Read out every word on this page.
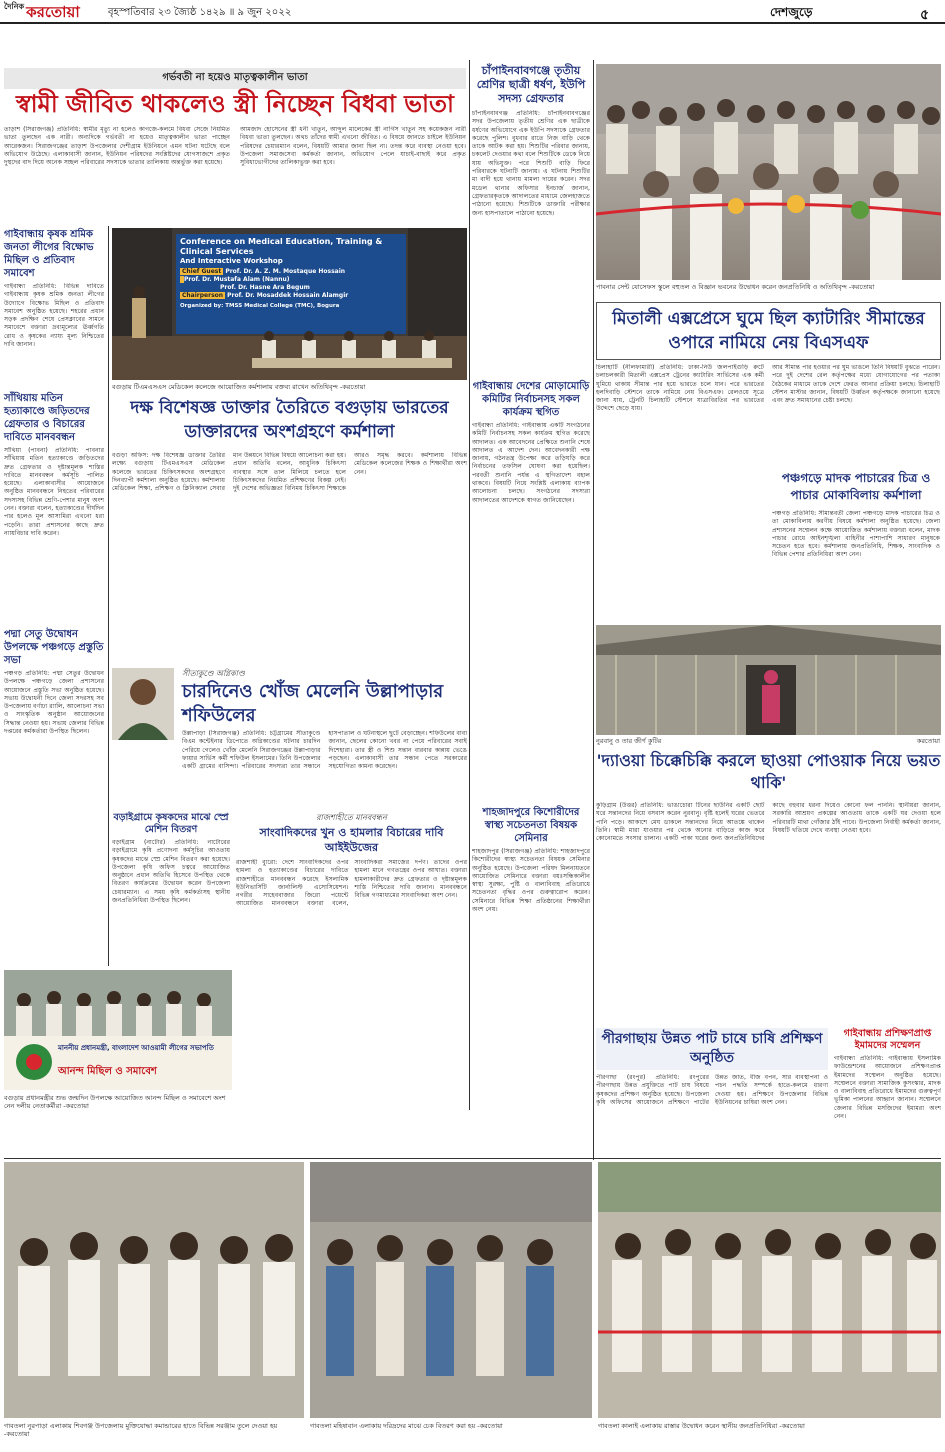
$^{দৈনিক}$ করতোয়া	বৃহস্পতিবার ২৩ জ্যৈষ্ঠ ১৪২৯ ॥ ৯ জুন ২০২২	দেশজুড়ে	৫
গর্ভবতী না হয়েও মাতৃত্বকালীন ভাতা
স্বামী জীবিত থাকলেও স্ত্রী নিচ্ছেন বিধবা ভাতা
তাড়াশ (সিরাজগঞ্জ) প্রতিনিধি: স্বামীর মৃত্যু না হলেও কাগজে-কলমে বিধবা সেজে নিয়মিত ভাতা তুলছেন এক নারী। অন্যদিকে গর্ভবতী না হয়েও মাতৃত্বকালীন ভাতা পাচ্ছেন আরেকজন। সিরাজগঞ্জের তাড়াশ উপজেলার দেশীগ্রাম ইউনিয়নে এমন ঘটনা ঘটেছে বলে অভিযোগ উঠেছে। এলাকাবাসী জানান, ইউনিয়ন পরিষদের সংশ্লিষ্টদের যোগসাজশে প্রকৃত দুস্থদের বাদ দিয়ে অনেক সচ্ছল পরিবারের সদস্যকে ভাতার তালিকায় অন্তর্ভুক্ত করা হয়েছে।
আমজাদ হোসেনের স্ত্রী ধনী খাতুন, আব্দুল মালেকের স্ত্রী নার্গিস খাতুন সহ কয়েকজন নারী বিধবা ভাতা তুলছেন। অথচ তাঁদের স্বামী এখনো জীবিত। এ বিষয়ে জানতে চাইলে ইউনিয়ন পরিষদের চেয়ারম্যান বলেন, বিষয়টি আমার জানা ছিল না। তদন্ত করে ব্যবস্থা নেওয়া হবে। উপজেলা সমাজসেবা কর্মকর্তা জানান, অভিযোগ পেলে যাচাই-বাছাই করে প্রকৃত সুবিধাভোগীদের তালিকাভুক্ত করা হবে।
চাঁপাইনবাবগঞ্জে তৃতীয় শ্রেণির ছাত্রী ধর্ষণ, ইউপি সদস্য গ্রেফতার
চাঁপাইনবাবগঞ্জ প্রতিনিধি: চাঁপাইনবাবগঞ্জের সদর উপজেলায় তৃতীয় শ্রেণির এক ছাত্রীকে ধর্ষণের অভিযোগে এক ইউপি সদস্যকে গ্রেফতার করেছে পুলিশ। বুধবার রাতে নিজ বাড়ি থেকে তাকে আটক করা হয়। শিশুটির পরিবার জানায়, চকলেট দেওয়ার কথা বলে শিশুটিকে ডেকে নিয়ে যায় অভিযুক্ত। পরে শিশুটি বাড়ি ফিরে পরিবারকে ঘটনাটি জানায়। এ ঘটনায় শিশুটির মা বাদী হয়ে থানায় মামলা দায়ের করেন। সদর মডেল থানার অফিসার ইনচার্জ জানান, গ্রেফতারকৃতকে আদালতের মাধ্যমে জেলহাজতে পাঠানো হয়েছে। শিশুটিকে ডাক্তারি পরীক্ষার জন্য হাসপাতালে পাঠানো হয়েছে।
পাবনার সেন্ট যোসেফস স্কুলে বহুতল ও বিজ্ঞান ভবনের উদ্বোধন করেন জনপ্রতিনিধি ও অতিথিবৃন্দ -করতোয়া
মিতালী এক্সপ্রেসে ঘুমে ছিল ক্যাটারিং সীমান্তের ওপারে নামিয়ে নেয় বিএসএফ
চিলাহাটি (নীলফামারী) প্রতিনিধি: ঢাকা-নিউ জলপাইগুড়ি রুটে চলাচলকারী মিতালী এক্সপ্রেস ট্রেনের ক্যাটারিং সার্ভিসের এক কর্মী ঘুমিয়ে থাকায় সীমান্ত পার হয়ে ভারতে চলে যান। পরে ভারতের হলদিবাড়ি স্টেশনে তাকে নামিয়ে নেয় বিএসএফ। রেলওয়ে সূত্রে জানা যায়, ট্রেনটি চিলাহাটি স্টেশনে যাত্রাবিরতির পর ভারতের উদ্দেশে ছেড়ে যায়।
আর সীমান্ত পার হওয়ার পর ঘুম ভাঙলে তিনি বিষয়টি বুঝতে পারেন। পরে দুই দেশের রেল কর্তৃপক্ষের মধ্যে যোগাযোগের পর পতাকা বৈঠকের মাধ্যমে তাকে দেশে ফেরত আনার প্রক্রিয়া চলছে। চিলাহাটি স্টেশন মাস্টার জানান, বিষয়টি উর্ধ্বতন কর্তৃপক্ষকে জানানো হয়েছে এবং দ্রুত সমাধানের চেষ্টা চলছে।
গাইবান্ধায় কৃষক শ্রমিক জনতা লীগের বিক্ষোভ মিছিল ও প্রতিবাদ সমাবেশ
গাইবান্ধা প্রতিনিধি: বিভিন্ন দাবিতে গাইবান্ধায় কৃষক শ্রমিক জনতা লীগের উদ্যোগে বিক্ষোভ মিছিল ও প্রতিবাদ সমাবেশ অনুষ্ঠিত হয়েছে। শহরের প্রধান সড়ক প্রদক্ষিণ শেষে প্রেসক্লাবের সামনে সমাবেশে বক্তারা দ্রব্যমূল্যের ঊর্ধ্বগতি রোধ ও কৃষকের ন্যায্য মূল্য নিশ্চিতের দাবি জানান।
Conference on Medical Education, Training & Clinical Services
And Interactive Workshop
Chief Guest Prof. Dr. A. Z. M. Mostaque Hossain
Prof. Dr. Mustafa Alam (Nannu)
Prof. Dr. Hasne Ara Begum
Chairperson Prof. Dr. Mosaddek Hossain Alamgir
Organized by: TMSS Medical College (TMC), Bogura
বগুড়ায় টিএমএসএস মেডিকেল কলেজে আয়োজিত কর্মশালায় বক্তব্য রাখেন অতিথিবৃন্দ -করতোয়া
দক্ষ বিশেষজ্ঞ ডাক্তার তৈরিতে বগুড়ায় ভারতের ডাক্তারদের অংশগ্রহণে কর্মশালা
বগুড়া অফিস: দক্ষ বিশেষজ্ঞ ডাক্তার তৈরির লক্ষ্যে বগুড়ায় টিএমএসএস মেডিকেল কলেজে ভারতের চিকিৎসকদের অংশগ্রহণে দিনব্যাপী কর্মশালা অনুষ্ঠিত হয়েছে। কর্মশালায় মেডিকেল শিক্ষা, প্রশিক্ষণ ও ক্লিনিক্যাল সেবার মান উন্নয়নে বিভিন্ন বিষয়ে আলোচনা করা হয়। প্রধান অতিথি বলেন, আধুনিক চিকিৎসা ব্যবস্থার সঙ্গে তাল মিলিয়ে চলতে হলে চিকিৎসকদের নিয়মিত প্রশিক্ষণের বিকল্প নেই। দুই দেশের অভিজ্ঞতা বিনিময় চিকিৎসা শিক্ষাকে আরও সমৃদ্ধ করবে। কর্মশালায় বিভিন্ন মেডিকেল কলেজের শিক্ষক ও শিক্ষার্থীরা অংশ নেন।
সাঁথিয়ায় মতিন হত্যাকাণ্ডে জড়িতদের গ্রেফতার ও বিচারের দাবিতে মানববন্ধন
সাঁথিয়া (পাবনা) প্রতিনিধি: পাবনার সাঁথিয়ায় মতিন হত্যাকাণ্ডে জড়িতদের দ্রুত গ্রেফতার ও দৃষ্টান্তমূলক শাস্তির দাবিতে মানববন্ধন কর্মসূচি পালিত হয়েছে। এলাকাবাসীর আয়োজনে অনুষ্ঠিত মানববন্ধনে নিহতের পরিবারের সদস্যসহ বিভিন্ন শ্রেণি-পেশার মানুষ অংশ নেন। বক্তারা বলেন, হত্যাকাণ্ডের দীর্ঘদিন পার হলেও মূল আসামিরা এখনো ধরা পড়েনি। তারা প্রশাসনের কাছে দ্রুত ন্যায়বিচার দাবি করেন।
পদ্মা সেতু উদ্বোধন উপলক্ষে পঞ্চগড়ে প্রস্তুতি সভা
পঞ্চগড় প্রতিনিধি: পদ্মা সেতুর উদ্বোধন উপলক্ষে পঞ্চগড়ে জেলা প্রশাসনের আয়োজনে প্রস্তুতি সভা অনুষ্ঠিত হয়েছে। সভায় উদ্বোধনী দিনে জেলা সদরসহ সব উপজেলায় বর্ণাঢ্য র‌্যালি, আলোচনা সভা ও সাংস্কৃতিক অনুষ্ঠান আয়োজনের সিদ্ধান্ত নেওয়া হয়। সভায় জেলার বিভিন্ন দপ্তরের কর্মকর্তারা উপস্থিত ছিলেন।
গাইবান্ধায় দেশের মোড়ামোড়ি কমিটির নির্বাচনসহ সকল কার্যক্রম স্থগিত
গাইবান্ধা প্রতিনিধি: গাইবান্ধায় একটি সংগঠনের কমিটি নির্বাচনসহ সকল কার্যক্রম স্থগিত করেছে আদালত। এক আবেদনের প্রেক্ষিতে শুনানি শেষে আদালত এ আদেশ দেন। আবেদনকারী পক্ষ জানায়, গঠনতন্ত্র উপেক্ষা করে তড়িঘড়ি করে নির্বাচনের তফসিল ঘোষণা করা হয়েছিল। পরবর্তী শুনানি পর্যন্ত এ স্থগিতাদেশ বহাল থাকবে। বিষয়টি নিয়ে সংশ্লিষ্ট এলাকায় ব্যাপক আলোচনা চলছে। সংগঠনের সদস্যরা আদালতের আদেশকে স্বাগত জানিয়েছেন।
পঞ্চগড়ে মাদক পাচারের চিত্র ও পাচার মোকাবিলায় কর্মশালা
পঞ্চগড় প্রতিনিধি: সীমান্তবর্তী জেলা পঞ্চগড়ে মাদক পাচারের চিত্র ও তা মোকাবিলায় করণীয় বিষয়ে কর্মশালা অনুষ্ঠিত হয়েছে। জেলা প্রশাসনের সম্মেলন কক্ষে আয়োজিত কর্মশালায় বক্তারা বলেন, মাদক পাচার রোধে আইনশৃঙ্খলা বাহিনীর পাশাপাশি সাধারণ মানুষকে সচেতন হতে হবে। কর্মশালায় জনপ্রতিনিধি, শিক্ষক, সাংবাদিক ও বিভিন্ন পেশার প্রতিনিধিরা অংশ নেন।
নুরবানু ও তার জীর্ণ কুটির	করতোয়া
'দ্যাওয়া চিক্কেচিক্কি করলে ছাওয়া পোওয়াক নিয়ে ভয়ত থাকি'
কুড়িগ্রাম (উত্তর) প্রতিনিধি: ভাঙাচোরা টিনের ছাউনির একটি ছোট ঘরে সন্তানদের নিয়ে বসবাস করেন নুরবানু। বৃষ্টি হলেই ঘরের ভেতরে পানি পড়ে। আকাশে মেঘ ডাকলে সন্তানদের নিয়ে আতঙ্কে থাকেন তিনি। স্বামী মারা যাওয়ার পর থেকে অন্যের বাড়িতে কাজ করে কোনোমতে সংসার চালান। একটি পাকা ঘরের জন্য জনপ্রতিনিধিদের কাছে বহুবার ধরনা দিয়েও কোনো ফল পাননি। স্থানীয়রা জানান, সরকারি আশ্রয়ণ প্রকল্পের আওতায় তাকে একটি ঘর দেওয়া হলে পরিবারটি মাথা গোঁজার ঠাঁই পাবে। উপজেলা নির্বাহী কর্মকর্তা জানান, বিষয়টি খতিয়ে দেখে ব্যবস্থা নেওয়া হবে।
সীতাকুণ্ডে অগ্নিকাণ্ড
চারদিনেও খোঁজ মেলেনি উল্লাপাড়ার শফিউলের
উল্লাপাড়া (সিরাজগঞ্জ) প্রতিনিধি: চট্টগ্রামের সীতাকুণ্ডে বিএম কন্টেইনার ডিপোতে অগ্নিকাণ্ডের ঘটনার চারদিন পেরিয়ে গেলেও খোঁজ মেলেনি সিরাজগঞ্জের উল্লাপাড়ার ফায়ার সার্ভিস কর্মী শফিউল ইসলামের। তিনি উপজেলার একটি গ্রামের বাসিন্দা। পরিবারের সদস্যরা তার সন্ধানে হাসপাতাল ও ঘটনাস্থলে ছুটে বেড়াচ্ছেন। শফিউলের বাবা জানান, ছেলের কোনো খবর না পেয়ে পরিবারের সবাই দিশেহারা। তার স্ত্রী ও শিশু সন্তান বারবার কান্নায় ভেঙে পড়ছেন। এলাকাবাসী তার সন্ধান পেতে সরকারের সহযোগিতা কামনা করেছেন।
বড়াইগ্রামে কৃষকদের মাঝে স্প্রে মেশিন বিতরণ
বড়াইগ্রাম (নাটোর) প্রতিনিধি: নাটোরের বড়াইগ্রামে কৃষি প্রণোদনা কর্মসূচির আওতায় কৃষকদের মাঝে স্প্রে মেশিন বিতরণ করা হয়েছে। উপজেলা কৃষি অফিস চত্বরে আয়োজিত অনুষ্ঠানে প্রধান অতিথি হিসেবে উপস্থিত থেকে বিতরণ কার্যক্রমের উদ্বোধন করেন উপজেলা চেয়ারম্যান। এ সময় কৃষি কর্মকর্তাসহ স্থানীয় জনপ্রতিনিধিরা উপস্থিত ছিলেন।
রাজশাহীতে মানববন্ধন
সাংবাদিকদের খুন ও হামলার বিচারের দাবি আইইউজের
রাজশাহী ব্যুরো: দেশে সাংবাদিকদের ওপর হামলা ও হত্যাকাণ্ডের বিচারের দাবিতে রাজশাহীতে মানববন্ধন করেছে ইসলামিক ইউনিভার্সিটি জার্নালিস্ট এসোসিয়েশন। নগরীর সাহেববাজার জিরো পয়েন্টে আয়োজিত মানববন্ধনে বক্তারা বলেন, সাংবাদিকরা সমাজের দর্পণ। তাদের ওপর হামলা মানে গণতন্ত্রের ওপর আঘাত। বক্তারা হামলাকারীদের দ্রুত গ্রেফতার ও দৃষ্টান্তমূলক শাস্তি নিশ্চিতের দাবি জানান। মানববন্ধনে বিভিন্ন গণমাধ্যমের সাংবাদিকরা অংশ নেন।
শাহজাদপুরে কিশোরীদের স্বাস্থ্য সচেতনতা বিষয়ক সেমিনার
শাহজাদপুর (সিরাজগঞ্জ) প্রতিনিধি: শাহজাদপুরে কিশোরীদের স্বাস্থ্য সচেতনতা বিষয়ক সেমিনার অনুষ্ঠিত হয়েছে। উপজেলা পরিষদ মিলনায়তনে আয়োজিত সেমিনারে বক্তারা বয়ঃসন্ধিকালীন স্বাস্থ্য সুরক্ষা, পুষ্টি ও বাল্যবিবাহ প্রতিরোধে সচেতনতা বৃদ্ধির ওপর গুরুত্বারোপ করেন। সেমিনারে বিভিন্ন শিক্ষা প্রতিষ্ঠানের শিক্ষার্থীরা অংশ নেয়।
মাননীয় প্রধানমন্ত্রী, বাংলাদেশ আওয়ামী লীগের সভাপতি
আনন্দ মিছিল ও সমাবেশ
বগুড়ায় প্রধানমন্ত্রীর শুভ জন্মদিন উপলক্ষে আয়োজিত আনন্দ মিছিল ও সমাবেশে অংশ নেন দলীয় নেতাকর্মীরা -করতোয়া
পীরগাছায় উন্নত পাট চাষে চাষি প্রশিক্ষণ অনুষ্ঠিত
পীরগাছা (রংপুর) প্রতিনিধি: রংপুরের পীরগাছায় উন্নত প্রযুক্তিতে পাট চাষ বিষয়ে কৃষকদের প্রশিক্ষণ অনুষ্ঠিত হয়েছে। উপজেলা কৃষি অফিসের আয়োজনে প্রশিক্ষণে পাটের উন্নত জাত, বীজ বপন, সার ব্যবস্থাপনা ও পচন পদ্ধতি সম্পর্কে হাতে-কলমে ধারণা দেওয়া হয়। প্রশিক্ষণে উপজেলার বিভিন্ন ইউনিয়নের চাষিরা অংশ নেন।
গাইবান্ধায় প্রশিক্ষণপ্রাপ্ত ইমামদের সম্মেলন
গাইবান্ধা প্রতিনিধি: গাইবান্ধায় ইসলামিক ফাউন্ডেশনের আয়োজনে প্রশিক্ষণপ্রাপ্ত ইমামদের সম্মেলন অনুষ্ঠিত হয়েছে। সম্মেলনে বক্তারা সামাজিক কুসংস্কার, মাদক ও বাল্যবিবাহ প্রতিরোধে ইমামদের গুরুত্বপূর্ণ ভূমিকা পালনের আহ্বান জানান। সম্মেলনে জেলার বিভিন্ন মসজিদের ইমামরা অংশ নেন।
গাবতলা নুরপাড়া এলাকায় শিবগঞ্জ উপজেলায় মুক্তিযোদ্ধা কমান্ডারের হাতে বিভিন্ন সরঞ্জাম তুলে দেওয়া হয় -করতোয়া
গাবতলা মহিষাবান এলাকায় দরিদ্রদের মাঝে চেক বিতরণ করা হয় -করতোয়া	গাবতলা কালাই এলাকায় রাস্তার উদ্বোধন করেন স্থানীয় জনপ্রতিনিধিরা -করতোয়া
